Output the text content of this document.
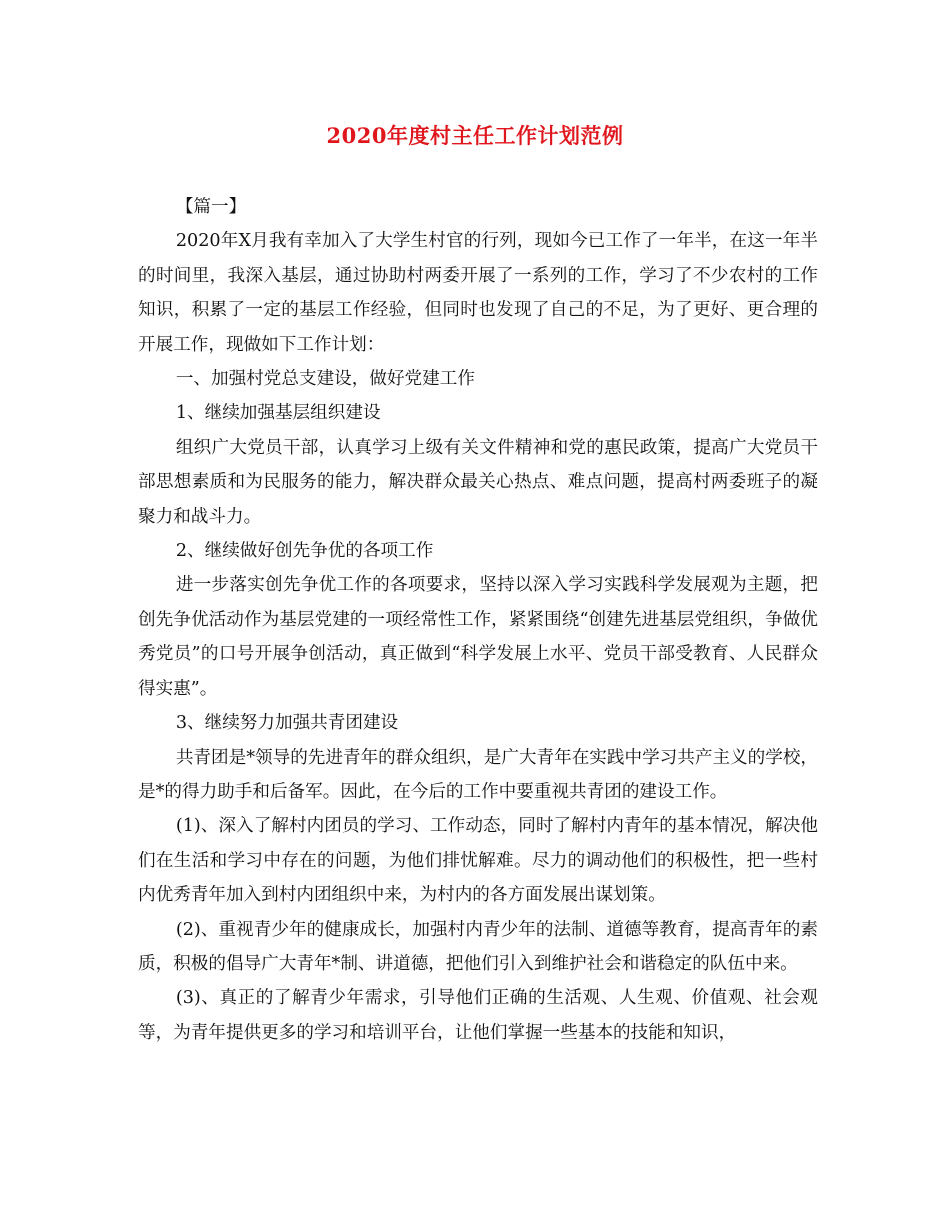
2020年度村主任工作计划范例

【篇一】

2020年X月我有幸加入了大学生村官的行列，现如今已工作了一年半，在这一年半的时间里，我深入基层，通过协助村两委开展了一系列的工作，学习了不少农村的工作知识，积累了一定的基层工作经验，但同时也发现了自己的不足，为了更好、更合理的开展工作，现做如下工作计划：

一、加强村党总支建设，做好党建工作

1、继续加强基层组织建设

组织广大党员干部，认真学习上级有关文件精神和党的惠民政策，提高广大党员干部思想素质和为民服务的能力，解决群众最关心热点、难点问题，提高村两委班子的凝聚力和战斗力。

2、继续做好创先争优的各项工作

进一步落实创先争优工作的各项要求，坚持以深入学习实践科学发展观为主题，把创先争优活动作为基层党建的一项经常性工作，紧紧围绕“创建先进基层党组织，争做优秀党员”的口号开展争创活动，真正做到“科学发展上水平、党员干部受教育、人民群众得实惠”。

3、继续努力加强共青团建设

共青团是*领导的先进青年的群众组织，是广大青年在实践中学习共产主义的学校，是*的得力助手和后备军。因此，在今后的工作中要重视共青团的建设工作。

(1)、深入了解村内团员的学习、工作动态，同时了解村内青年的基本情况，解决他们在生活和学习中存在的问题，为他们排忧解难。尽力的调动他们的积极性，把一些村内优秀青年加入到村内团组织中来，为村内的各方面发展出谋划策。

(2)、重视青少年的健康成长，加强村内青少年的法制、道德等教育，提高青年的素质，积极的倡导广大青年*制、讲道德，把他们引入到维护社会和谐稳定的队伍中来。

(3)、真正的了解青少年需求，引导他们正确的生活观、人生观、价值观、社会观等，为青年提供更多的学习和培训平台，让他们掌握一些基本的技能和知识，
